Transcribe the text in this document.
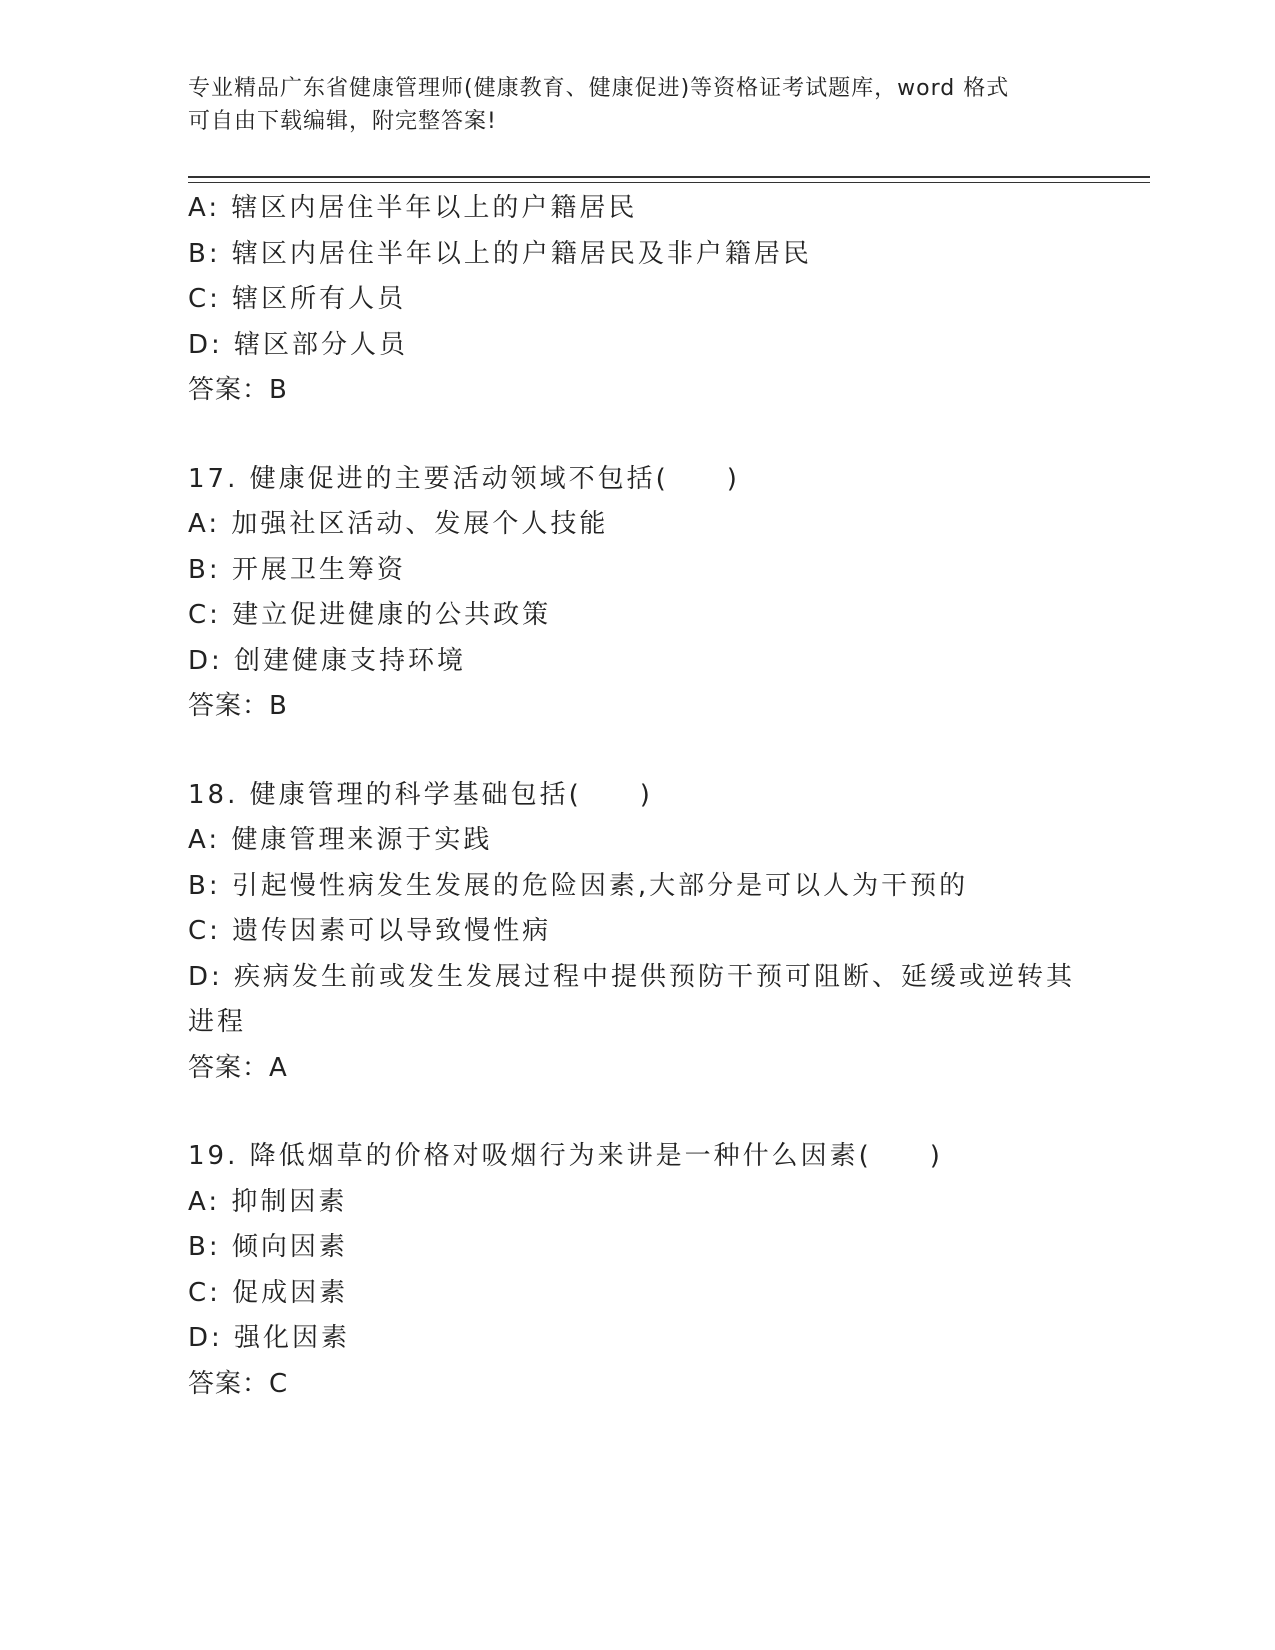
专业精品广东省健康管理师(健康教育、健康促进)等资格证考试题库，word 格式
可自由下载编辑，附完整答案!
A: 辖区内居住半年以上的户籍居民
B: 辖区内居住半年以上的户籍居民及非户籍居民
C: 辖区所有人员
D: 辖区部分人员
答案：B
17. 健康促进的主要活动领域不包括(　　)
A: 加强社区活动、发展个人技能
B: 开展卫生筹资
C: 建立促进健康的公共政策
D: 创建健康支持环境
答案：B
18. 健康管理的科学基础包括(　　)
A: 健康管理来源于实践
B: 引起慢性病发生发展的危险因素,大部分是可以人为干预的
C: 遗传因素可以导致慢性病
D: 疾病发生前或发生发展过程中提供预防干预可阻断、延缓或逆转其
进程
答案：A
19. 降低烟草的价格对吸烟行为来讲是一种什么因素(　　)
A: 抑制因素
B: 倾向因素
C: 促成因素
D: 强化因素
答案：C
